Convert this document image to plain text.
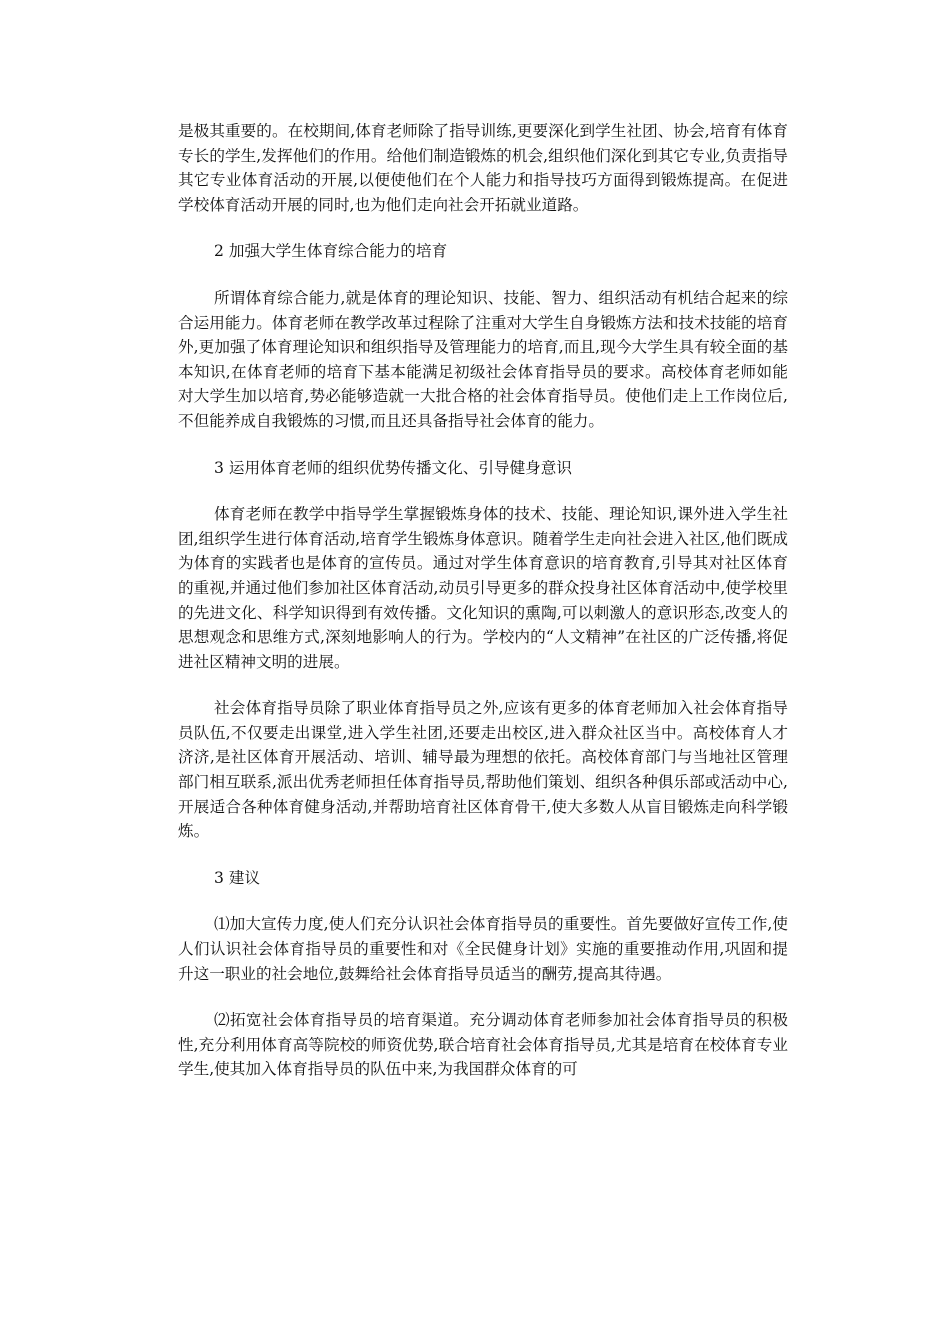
是极其重要的。在校期间,体育老师除了指导训练,更要深化到学生社团、协会,培育有体育专长的学生,发挥他们的作用。给他们制造锻炼的机会,组织他们深化到其它专业,负责指导其它专业体育活动的开展,以便使他们在个人能力和指导技巧方面得到锻炼提高。在促进学校体育活动开展的同时,也为他们走向社会开拓就业道路。

2 加强大学生体育综合能力的培育

所谓体育综合能力,就是体育的理论知识、技能、智力、组织活动有机结合起来的综合运用能力。体育老师在教学改革过程除了注重对大学生自身锻炼方法和技术技能的培育外,更加强了体育理论知识和组织指导及管理能力的培育,而且,现今大学生具有较全面的基本知识,在体育老师的培育下基本能满足初级社会体育指导员的要求。高校体育老师如能对大学生加以培育,势必能够造就一大批合格的社会体育指导员。使他们走上工作岗位后,不但能养成自我锻炼的习惯,而且还具备指导社会体育的能力。

3 运用体育老师的组织优势传播文化、引导健身意识

体育老师在教学中指导学生掌握锻炼身体的技术、技能、理论知识,课外进入学生社团,组织学生进行体育活动,培育学生锻炼身体意识。随着学生走向社会进入社区,他们既成为体育的实践者也是体育的宣传员。通过对学生体育意识的培育教育,引导其对社区体育的重视,并通过他们参加社区体育活动,动员引导更多的群众投身社区体育活动中,使学校里的先进文化、科学知识得到有效传播。文化知识的熏陶,可以刺激人的意识形态,改变人的思想观念和思维方式,深刻地影响人的行为。学校内的“人文精神”在社区的广泛传播,将促进社区精神文明的进展。

社会体育指导员除了职业体育指导员之外,应该有更多的体育老师加入社会体育指导员队伍,不仅要走出课堂,进入学生社团,还要走出校区,进入群众社区当中。高校体育人才济济,是社区体育开展活动、培训、辅导最为理想的依托。高校体育部门与当地社区管理部门相互联系,派出优秀老师担任体育指导员,帮助他们策划、组织各种俱乐部或活动中心,开展适合各种体育健身活动,并帮助培育社区体育骨干,使大多数人从盲目锻炼走向科学锻炼。

3 建议

⑴加大宣传力度,使人们充分认识社会体育指导员的重要性。首先要做好宣传工作,使人们认识社会体育指导员的重要性和对《全民健身计划》实施的重要推动作用,巩固和提升这一职业的社会地位,鼓舞给社会体育指导员适当的酬劳,提高其待遇。

⑵拓宽社会体育指导员的培育渠道。充分调动体育老师参加社会体育指导员的积极性,充分利用体育高等院校的师资优势,联合培育社会体育指导员,尤其是培育在校体育专业学生,使其加入体育指导员的队伍中来,为我国群众体育的可
